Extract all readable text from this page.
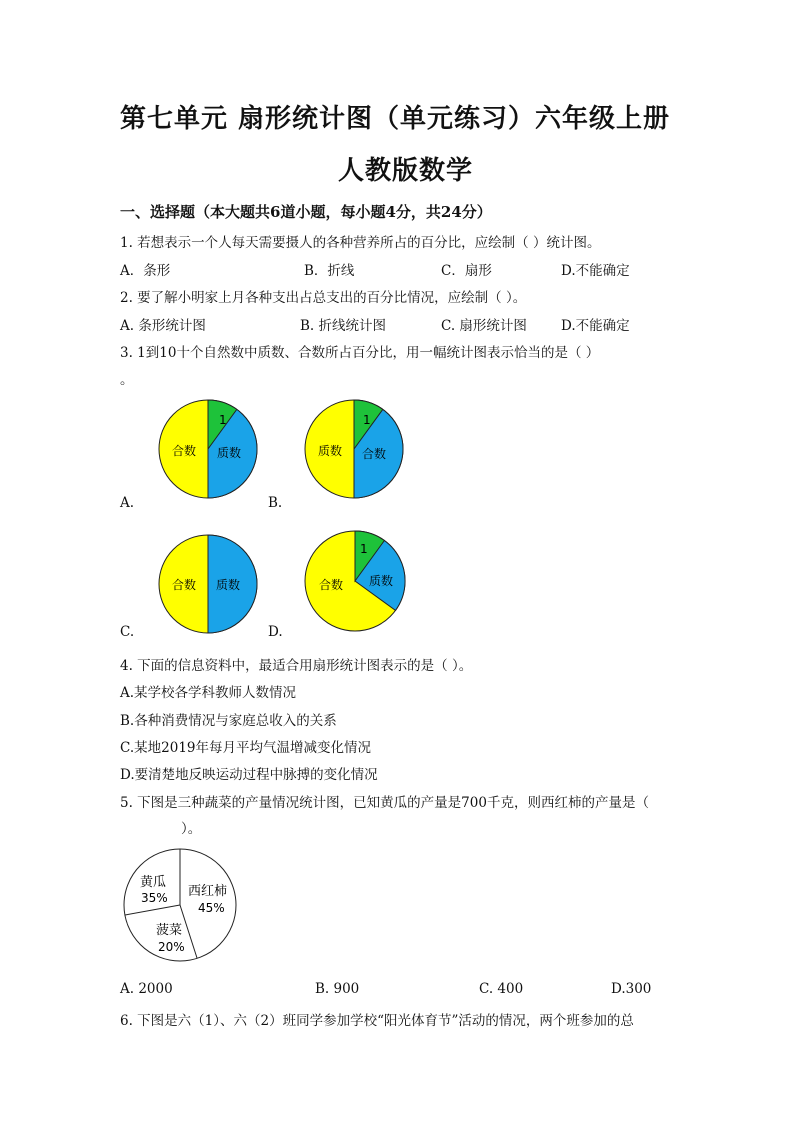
第七单元 扇形统计图（单元练习）六年级上册
人教版数学
一、选择题（本大题共6道小题，每小题4分，共24分）
1. 若想表示一个人每天需要摄人的各种营养所占的百分比，应绘制（ ）统计图。
A．条形	B．折线	C．扇形	D.不能确定
2. 要了解小明家上月各种支出占总支出的百分比情况，应绘制（ ）。
A. 条形统计图	B. 折线统计图	C. 扇形统计图	D.不能确定
3. 1到10十个自然数中质数、合数所占百分比，用一幅统计图表示恰当的是（ ）
。
1
合数 质数
A.
1
质数 合数
B.
合数 质数
C.
1
合数 质数
D.
4. 下面的信息资料中，最适合用扇形统计图表示的是（ ）。
A.某学校各学科教师人数情况
B.各种消费情况与家庭总收入的关系
C.某地2019年每月平均气温增减变化情况
D.要清楚地反映运动过程中脉搏的变化情况
5. 下图是三种蔬菜的产量情况统计图，已知黄瓜的产量是700千克，则西红柿的产量是（
）。
黄瓜
35% 西红柿
45%
菠菜
20%
A. 2000	B. 900	C. 400	D.300
6. 下图是六（1）、六（2）班同学参加学校“阳光体育节”活动的情况，两个班参加的总
